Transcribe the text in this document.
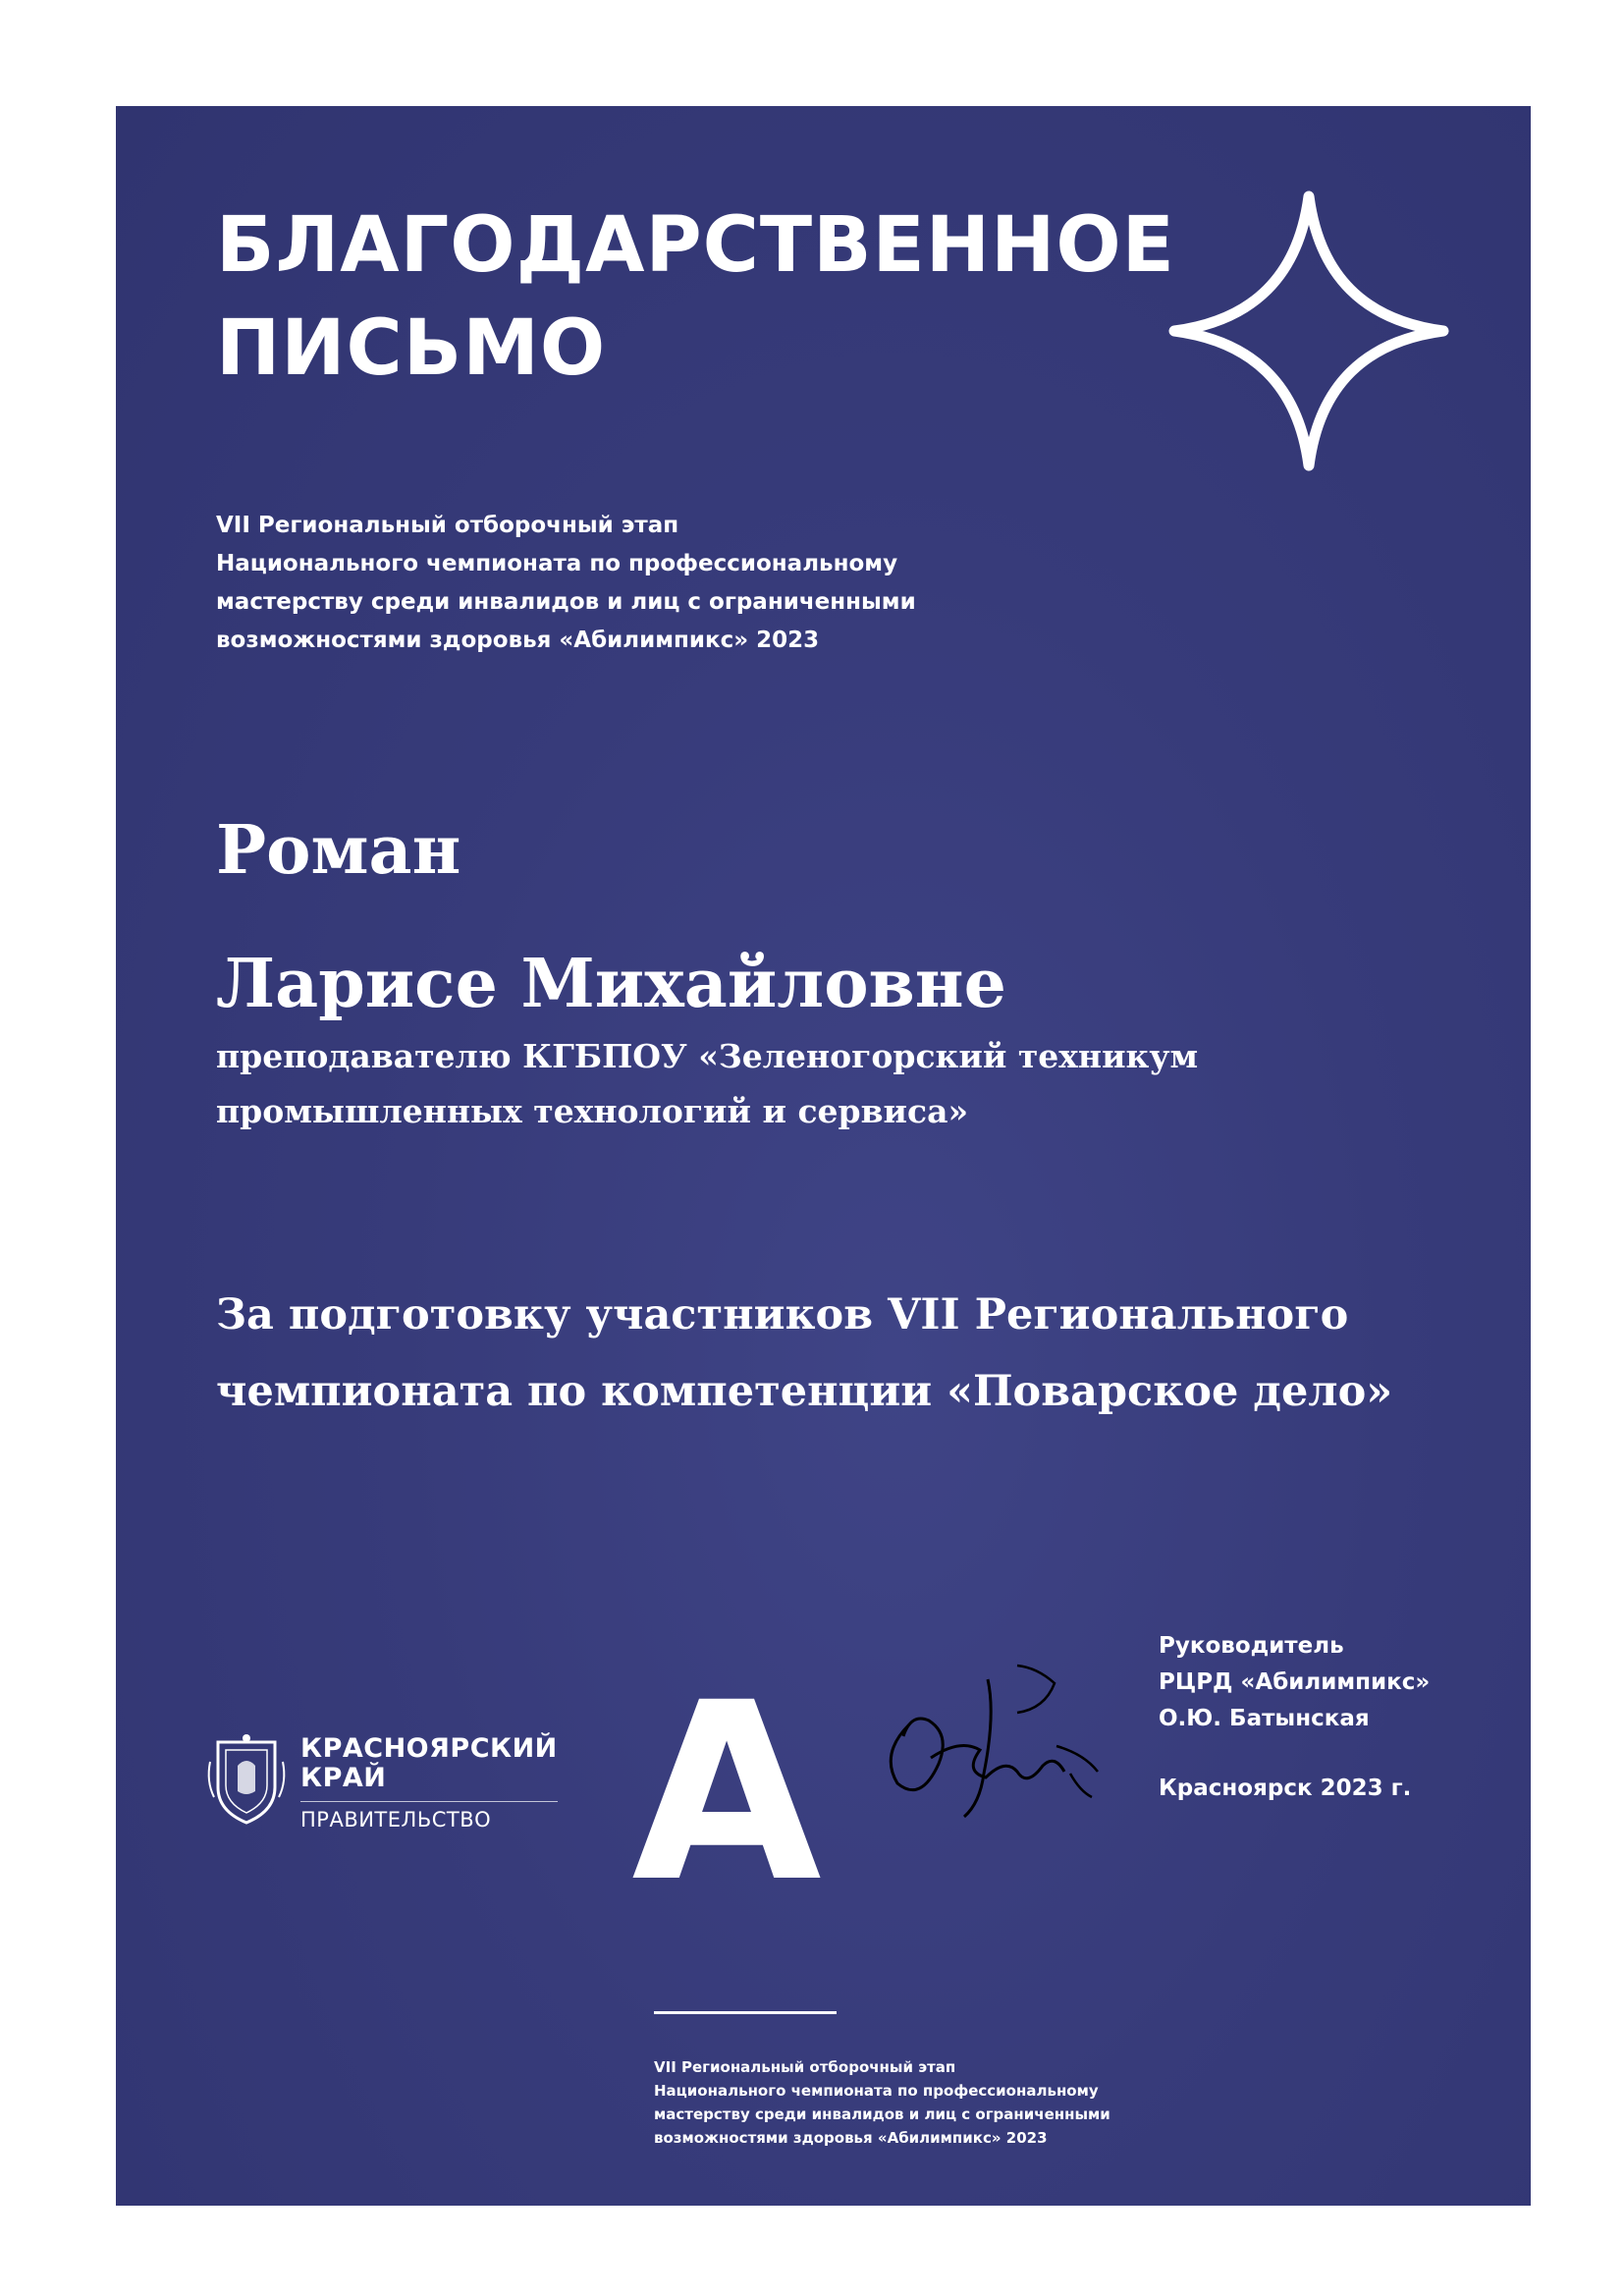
БЛАГОДАРСТВЕННОЕ
ПИСЬМО
VII Региональный отборочный этап
Национального чемпионата по профессиональному
мастерству среди инвалидов и лиц с ограниченными
возможностями здоровья «Абилимпикс» 2023
Роман
Ларисе Михайловне
преподавателю КГБПОУ «Зеленогорский техникум
промышленных технологий и сервиса»
За подготовку участников VII Регионального
чемпионата по компетенции «Поварское дело»
КРАСНОЯРСКИЙ
КРАЙ
ПРАВИТЕЛЬСТВО A
Руководитель
РЦРД «Абилимпикс»
О.Ю. Батынская
Красноярск 2023 г.
VII Региональный отборочный этап
Национального чемпионата по профессиональному
мастерству среди инвалидов и лиц с ограниченными
возможностями здоровья «Абилимпикс» 2023
